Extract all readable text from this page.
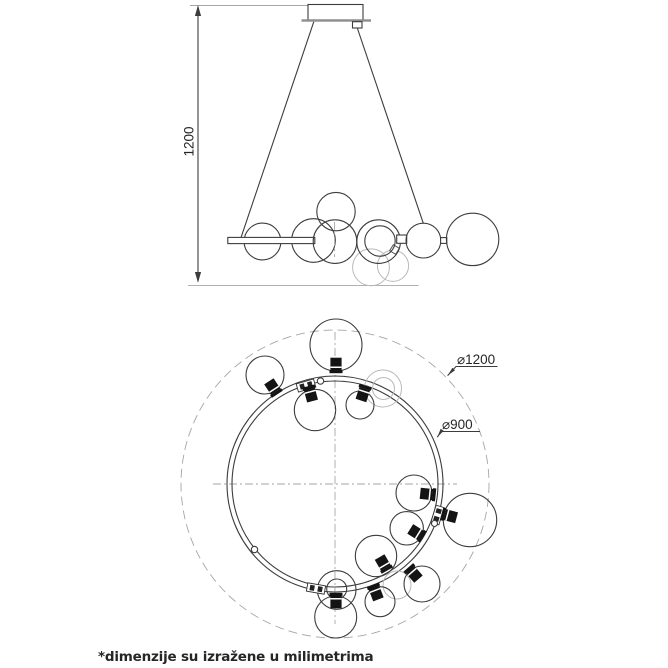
1200
⌀1200
⌀900
*dimenzije su izražene u milimetrima
